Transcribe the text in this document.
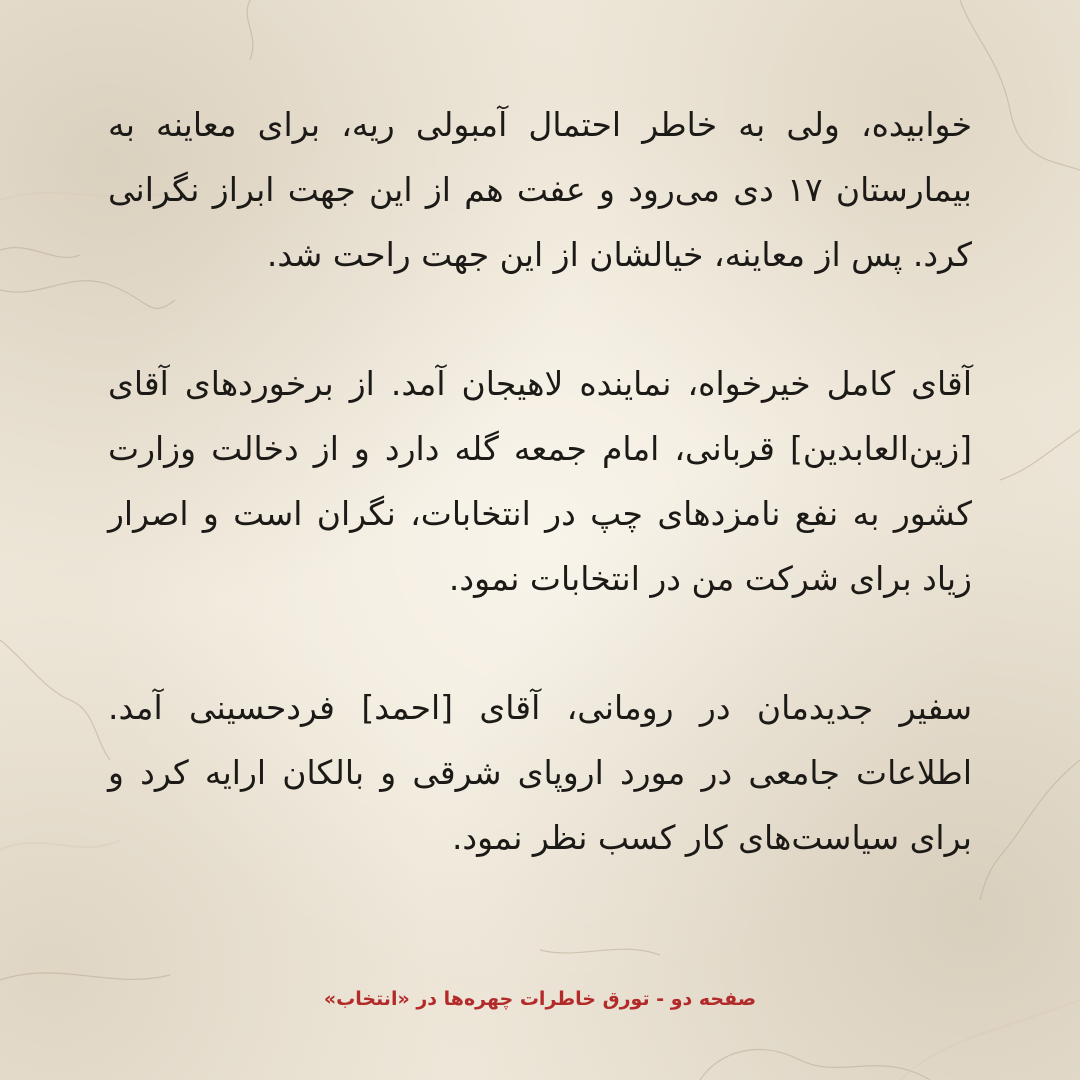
خوابیده، ولی به خاطر احتمال آمبولی ریه، برای معاینه به بیمارستان ۱۷ دی می‌رود و عفت هم از این جهت ابراز نگرانی کرد. پس از معاینه، خیالشان از این جهت راحت شد.

آقای کامل خیرخواه، نماینده لاهیجان آمد. از برخوردهای آقای [زین‌العابدین] قربانی، امام جمعه گله دارد و از دخالت وزارت کشور به نفع نامزدهای چپ در انتخابات، نگران است و اصرار زیاد برای شرکت من در انتخابات نمود.

سفیر جدیدمان در رومانی، آقای [احمد] فردحسینی آمد. اطلاعات جامعی در مورد اروپای شرقی و بالکان ارایه کرد و برای سیاست‌های کار کسب نظر نمود.

صفحه دو - تورق خاطرات چهره‌ها در «انتخاب»
